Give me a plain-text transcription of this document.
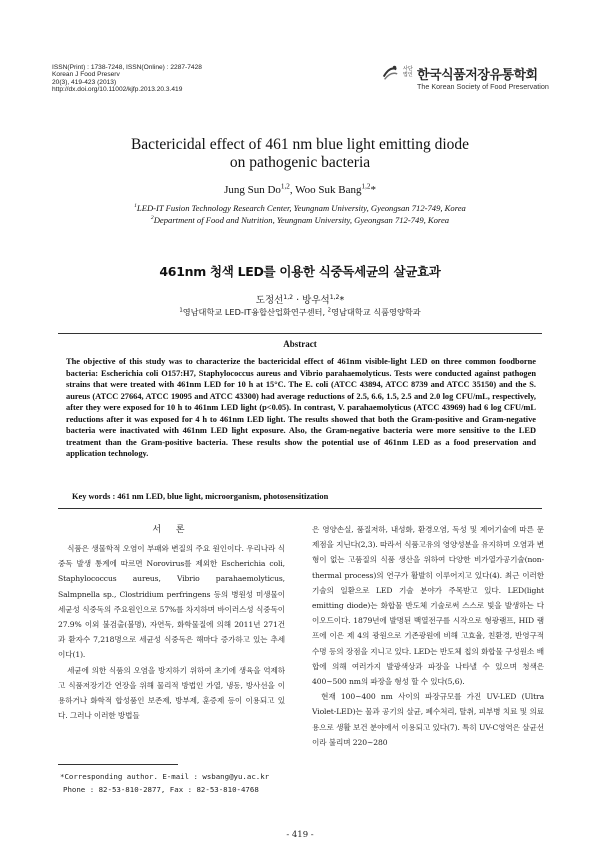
ISSN(Print) : 1738-7248, ISSN(Online) : 2287-7428
Korean J Food Preserv
20(3), 419-423 (2013)
http://dx.doi.org/10.11002/kjfp.2013.20.3.419
사단법인 한국식품저장유통학회
The Korean Society of Food Preservation
Bactericidal effect of 461 nm blue light emitting diode
on pathogenic bacteria
Jung Sun Do$^{1,2}$, Woo Suk Bang$^{1,2}$*
$^1$LED-IT Fusion Technology Research Center, Yeungnam University, Gyeongsan 712-749, Korea
$^2$Department of Food and Nutrition, Yeungnam University, Gyeongsan 712-749, Korea
461nm 청색 LED를 이용한 식중독세균의 살균효과
도정선$^{1,2}$ · 방우석$^{1,2}$*
$^1$영남대학교 LED-IT융합산업화연구센터, $^2$영남대학교 식품영양학과
Abstract
The objective of this study was to characterize the bactericidal effect of 461nm visible-light LED on three common foodborne bacteria: Escherichia coli O157:H7, Staphylococcus aureus and Vibrio parahaemolyticus. Tests were conducted against pathogen strains that were treated with 461nm LED for 10 h at 15°C. The E. coli (ATCC 43894, ATCC 8739 and ATCC 35150) and the S. aureus (ATCC 27664, ATCC 19095 and ATCC 43300) had average reductions of 2.5, 6.6, 1.5, 2.5 and 2.0 log CFU/mL, respectively, after they were exposed for 10 h to 461nm LED light (p<0.05). In contrast, V. parahaemolyticus (ATCC 43969) had 6 log CFU/mL reductions after it was exposed for 4 h to 461nm LED light. The results showed that both the Gram-positive and Gram-negative bacteria were inactivated with 461nm LED light exposure. Also, the Gram-negative bacteria were more sensitive to the LED treatment than the Gram-positive bacteria. These results show the potential use of 461nm LED as a food preservation and application technology.
Key words : 461 nm LED, blue light, microorganism, photosensitization
서 론

식품은 생물학적 오염이 부패와 변질의 주요 원인이다. 우리나라 식중독 발생 통계에 따르면 Norovirus를 제외한 Escherichia coli, Staphylococcus aureus, Vibrio parahaemolyticus, Salmpnella sp., Clostridium perfringens 등의 병원성 미생물이 세균성 식중독의 주요원인으로 57%를 차지하며 바이러스성 식중독이 27.9% 이외 불검출(불명), 자연독, 화학물질에 의해 2011년 271건과 환자수 7,218명으로 세균성 식중독은 해마다 증가하고 있는 추세이다(1).

세균에 의한 식품의 오염을 방지하기 위하여 초기에 생육을 억제하고 식품저장기간 연장을 위해 물리적 방법인 가열, 냉동, 방사선을 이용하거나 화학적 합성품인 보존제, 방부제, 훈증제 등이 이용되고 있다. 그러나 이러한 방법들

은 영양손실, 품질저하, 내성화, 환경오염, 독성 및 제어기술에 따른 문제점을 지닌다(2,3). 따라서 식품고유의 영양성분을 유지하며 오염과 변형이 없는 고품질의 식품 생산을 위하여 다양한 비가열가공기술(non-thermal process)의 연구가 활발히 이루어지고 있다(4). 최근 이러한 기술의 일환으로 LED 기술 분야가 주목받고 있다. LED(light emitting diode)는 화합물 반도체 기술로써 스스로 빛을 발생하는 다이오드이다. 1879년에 발명된 백열전구를 시작으로 형광램프, HID 램프에 이은 제 4의 광원으로 기존광원에 비해 고효율, 친환경, 반영구적 수명 등의 장점을 지니고 있다. LED는 반도체 칩의 화합물 구성원소 배합에 의해 여러가지 발광색상과 파장을 나타낼 수 있으며 청색은 400~500 nm의 파장을 형성 할 수 있다(5,6).

현재 100~400 nm 사이의 파장규모를 가진 UV-LED (Ultra Violet-LED)는 물과 공기의 살균, 폐수처리, 탈취, 피부병 치료 및 의료용으로 생활 보건 분야에서 이용되고 있다(7). 특히 UV-C영역은 살균선이라 불리며 220~280

*Corresponding author. E-mail : wsbang@yu.ac.kr
Phone : 82-53-810-2877, Fax : 82-53-810-4768
- 419 -
